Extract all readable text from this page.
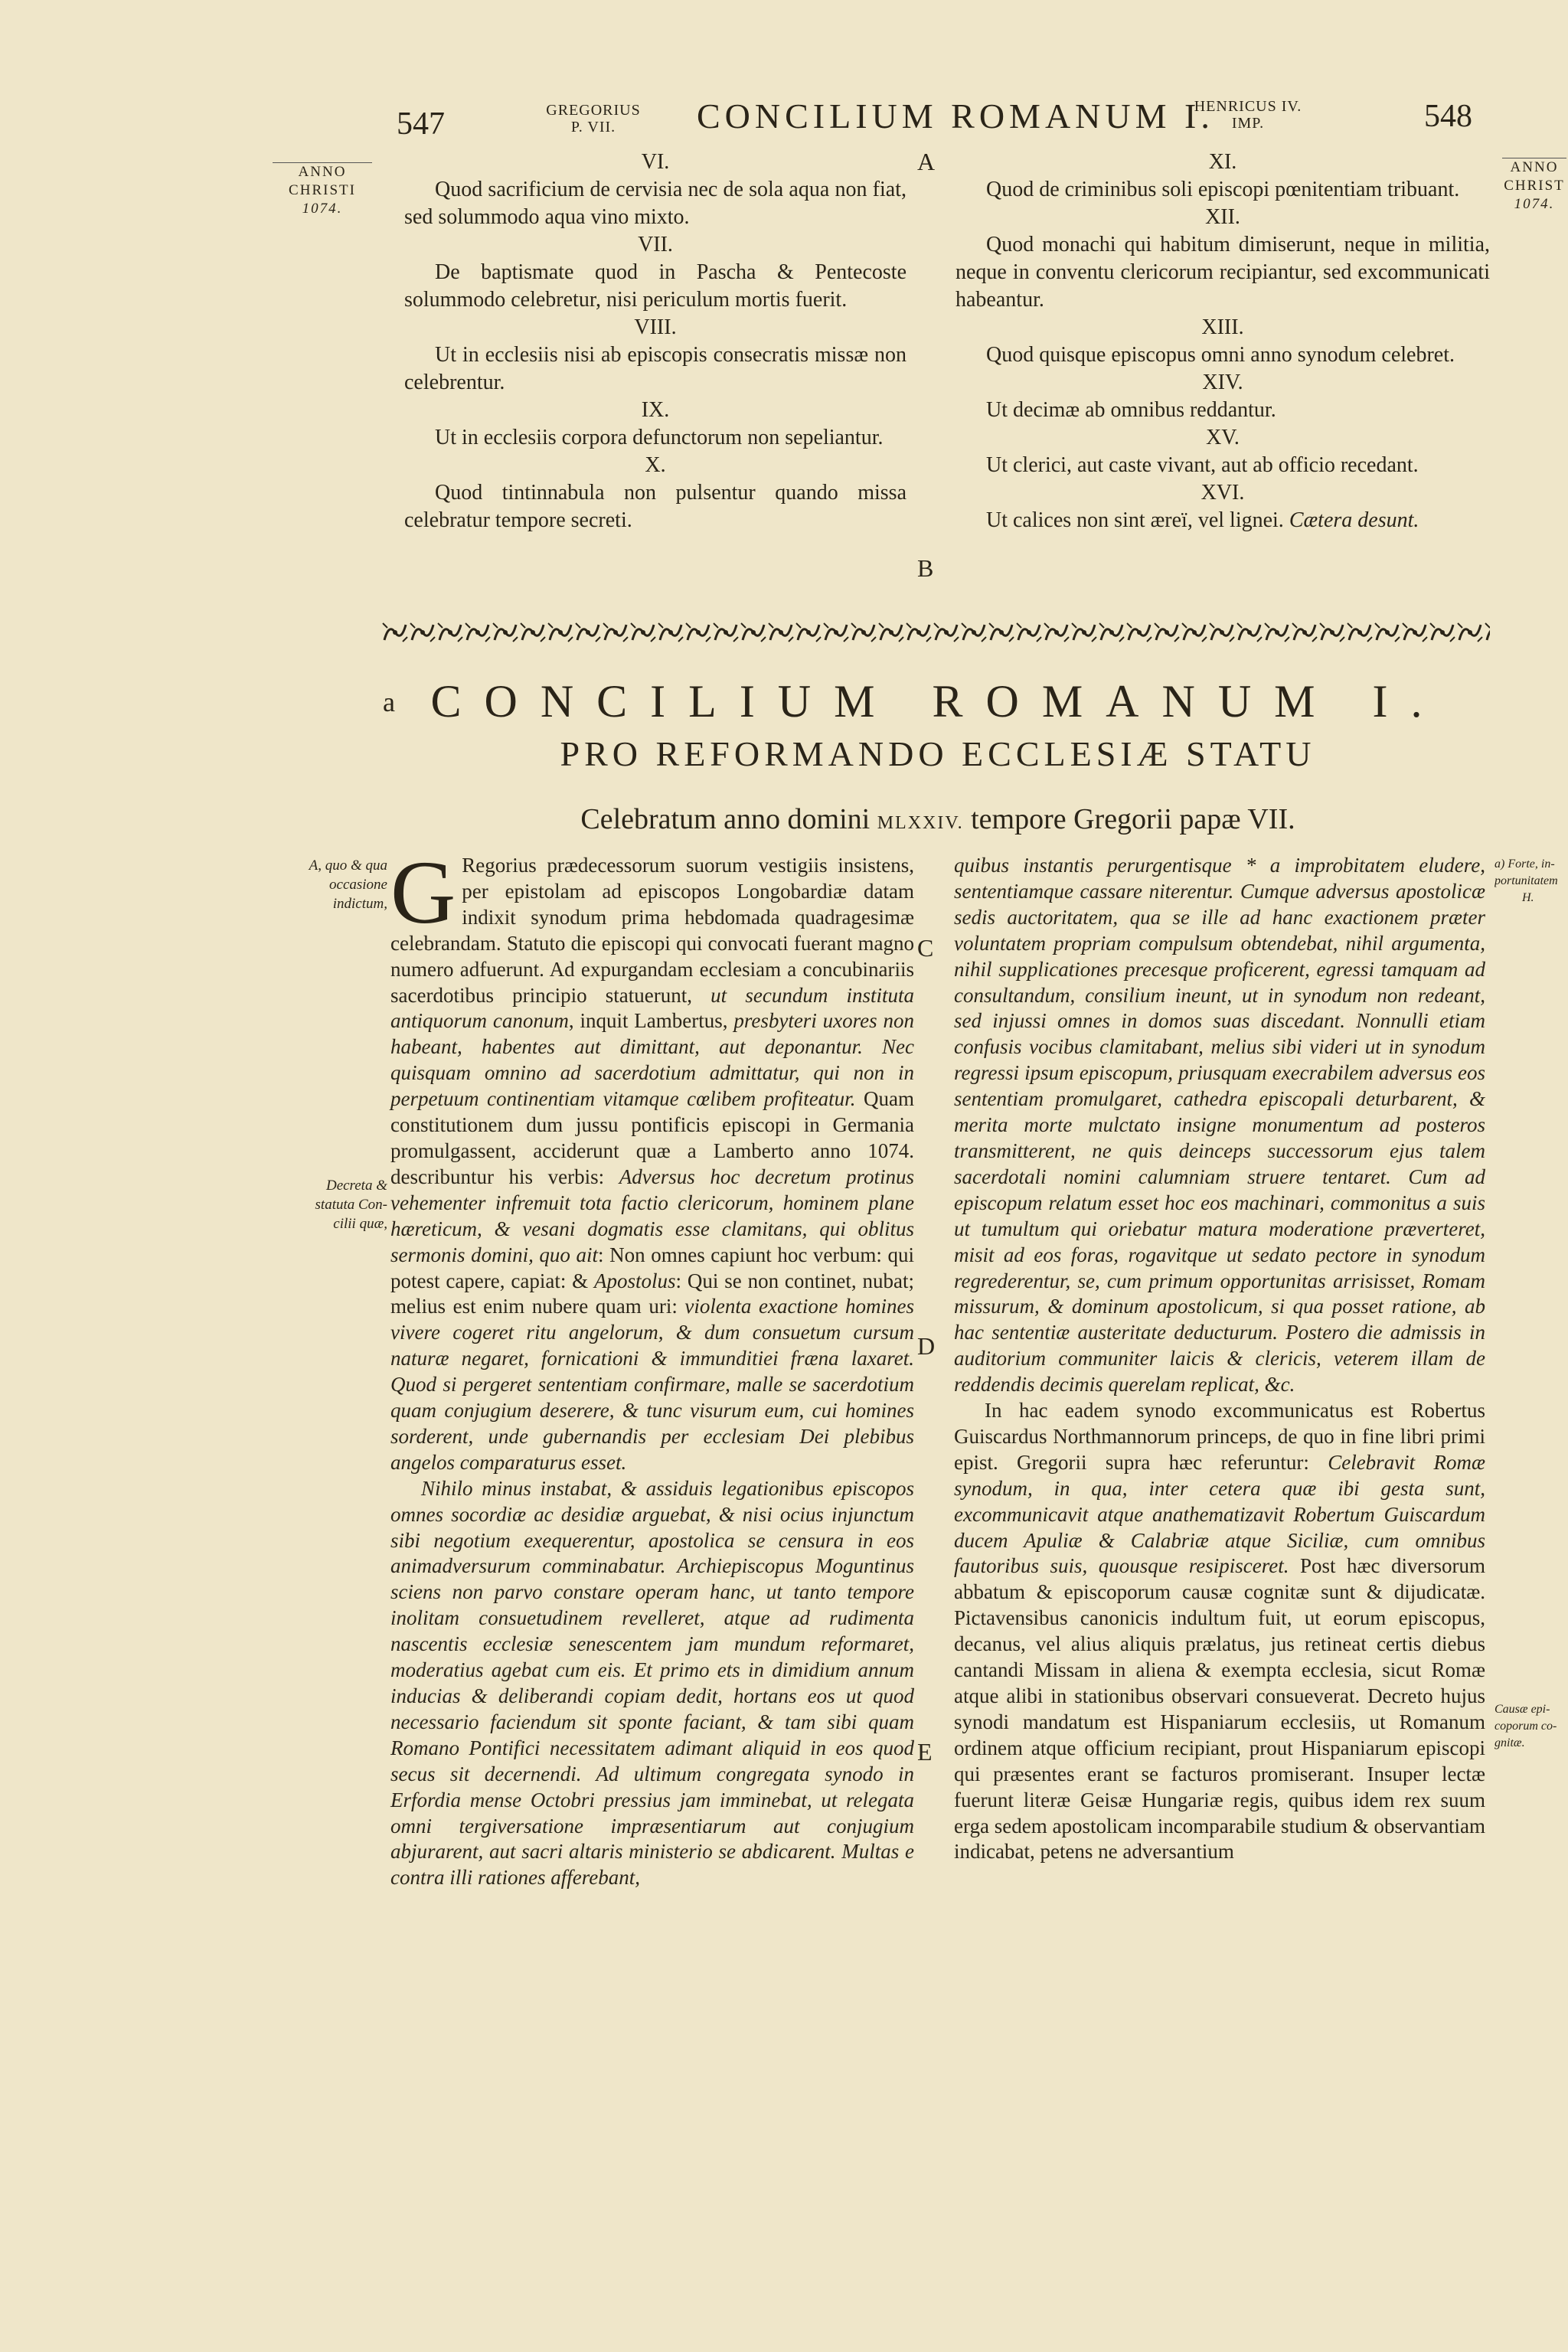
547	GREGORIUS
P. VII.	CONCILIUM ROMANUM I.
HENRICUS IV.
IMP.	548
ANNO
CHRISTI
1074.
A, quo & qua
occasione
indictum,
Decreta &
statuta Con-
cilii quæ,
ANNO
CHRIST
1074.
a) Forte, in-
portunitatem
H.
Causæ epi-
coporum co-
gnitæ.
A
B
C
D
E
VI.
Quod sacrificium de cervisia nec de sola aqua non fiat, sed solummodo aqua vino mixto.
VII.
De baptismate quod in Pascha & Pentecoste solummodo celebretur, nisi periculum mortis fuerit.
VIII.
Ut in ecclesiis nisi ab episcopis consecratis missæ non celebrentur.
IX.
Ut in ecclesiis corpora defunctorum non sepeliantur.
X.
Quod tintinnabula non pulsentur quando missa celebratur tempore secreti.
XI.
Quod de criminibus soli episcopi pœnitentiam tribuant.
XII.
Quod monachi qui habitum dimiserunt, neque in militia, neque in conventu clericorum recipiantur, sed excommunicati habeantur.
XIII.
Quod quisque episcopus omni anno synodum celebret.
XIV.
Ut decimæ ab omnibus reddantur.
XV.
Ut clerici, aut caste vivant, aut ab officio recedant.
XVI.
Ut calices non sint æreï, vel lignei. Cætera desunt.
a CONCILIUM ROMANUM I.
PRO REFORMANDO ECCLESIÆ STATU
Celebratum anno domini MLXXIV. tempore Gregorii papæ VII.

G Regorius prædecessorum suorum vestigiis insistens, per epistolam ad episcopos Longobardiæ datam indixit synodum prima hebdomada quadragesimæ celebrandam. Statuto die episcopi qui convocati fuerant magno numero adfuerunt. Ad expurgandam ecclesiam a concubinariis sacerdotibus principio statuerunt, ut secundum instituta antiquorum canonum, inquit Lambertus, presbyteri uxores non habeant, habentes aut dimittant, aut deponantur. Nec quisquam omnino ad sacerdotium admittatur, qui non in perpetuum continentiam vitamque cœlibem profiteatur. Quam constitutionem dum jussu pontificis episcopi in Germania promulgassent, acciderunt quæ a Lamberto anno 1074. describuntur his verbis: Adversus hoc decretum protinus vehementer infremuit tota factio clericorum, hominem plane hæreticum, & vesani dogmatis esse clamitans, qui oblitus sermonis domini, quo ait: Non omnes capiunt hoc verbum: qui potest capere, capiat: & Apostolus: Qui se non continet, nubat; melius est enim nubere quam uri: violenta exactione homines vivere cogeret ritu angelorum, & dum consuetum cursum naturæ negaret, fornicationi & immunditiei fræna laxaret. Quod si pergeret sententiam confirmare, malle se sacerdotium quam conjugium deserere, & tunc visurum eum, cui homines sorderent, unde gubernandis per ecclesiam Dei plebibus angelos comparaturus esset.

Nihilo minus instabat, & assiduis legationibus episcopos omnes socordiæ ac desidiæ arguebat, & nisi ocius injunctum sibi negotium exequerentur, apostolica se censura in eos animadversurum comminabatur. Archiepiscopus Moguntinus sciens non parvo constare operam hanc, ut tanto tempore inolitam consuetudinem revelleret, atque ad rudimenta nascentis ecclesiæ senescentem jam mundum reformaret, moderatius agebat cum eis. Et primo ets in dimidium annum inducias & deliberandi copiam dedit, hortans eos ut quod necessario faciendum sit sponte faciant, & tam sibi quam Romano Pontifici necessitatem adimant aliquid in eos quod secus sit decernendi. Ad ultimum congregata synodo in Erfordia mense Octobri pressius jam imminebat, ut relegata omni tergiversatione impræsentiarum aut conjugium abjurarent, aut sacri altaris ministerio se abdicarent. Multas e contra illi rationes afferebant,

quibus instantis perurgentisque * a improbitatem eludere, sententiamque cassare niterentur. Cumque adversus apostolicæ sedis auctoritatem, qua se ille ad hanc exactionem præter voluntatem propriam compulsum obtendebat, nihil argumenta, nihil supplicationes precesque proficerent, egressi tamquam ad consultandum, consilium ineunt, ut in synodum non redeant, sed injussi omnes in domos suas discedant. Nonnulli etiam confusis vocibus clamitabant, melius sibi videri ut in synodum regressi ipsum episcopum, priusquam execrabilem adversus eos sententiam promulgaret, cathedra episcopali deturbarent, & merita morte mulctato insigne monumentum ad posteros transmitterent, ne quis deinceps successorum ejus talem sacerdotali nomini calumniam struere tentaret. Cum ad episcopum relatum esset hoc eos machinari, commonitus a suis ut tumultum qui oriebatur matura moderatione præverteret, misit ad eos foras, rogavitque ut sedato pectore in synodum regrederentur, se, cum primum opportunitas arrisisset, Romam missurum, & dominum apostolicum, si qua posset ratione, ab hac sententiæ austeritate deducturum. Postero die admissis in auditorium communiter laicis & clericis, veterem illam de reddendis decimis querelam replicat, &c.

In hac eadem synodo excommunicatus est Robertus Guiscardus Northmannorum princeps, de quo in fine libri primi epist. Gregorii supra hæc referuntur: Celebravit Romæ synodum, in qua, inter cetera quæ ibi gesta sunt, excommunicavit atque anathematizavit Robertum Guiscardum ducem Apuliæ & Calabriæ atque Siciliæ, cum omnibus fautoribus suis, quousque resipisceret. Post hæc diversorum abbatum & episcoporum causæ cognitæ sunt & dijudicatæ. Pictavensibus canonicis indultum fuit, ut eorum episcopus, decanus, vel alius aliquis prælatus, jus retineat certis diebus cantandi Missam in aliena & exempta ecclesia, sicut Romæ atque alibi in stationibus observari consueverat. Decreto hujus synodi mandatum est Hispaniarum ecclesiis, ut Romanum ordinem atque officium recipiant, prout Hispaniarum episcopi qui præsentes erant se facturos promiserant. Insuper lectæ fuerunt literæ Geisæ Hungariæ regis, quibus idem rex suum erga sedem apostolicam incomparabile studium & observantiam indicabat, petens ne adversantium
